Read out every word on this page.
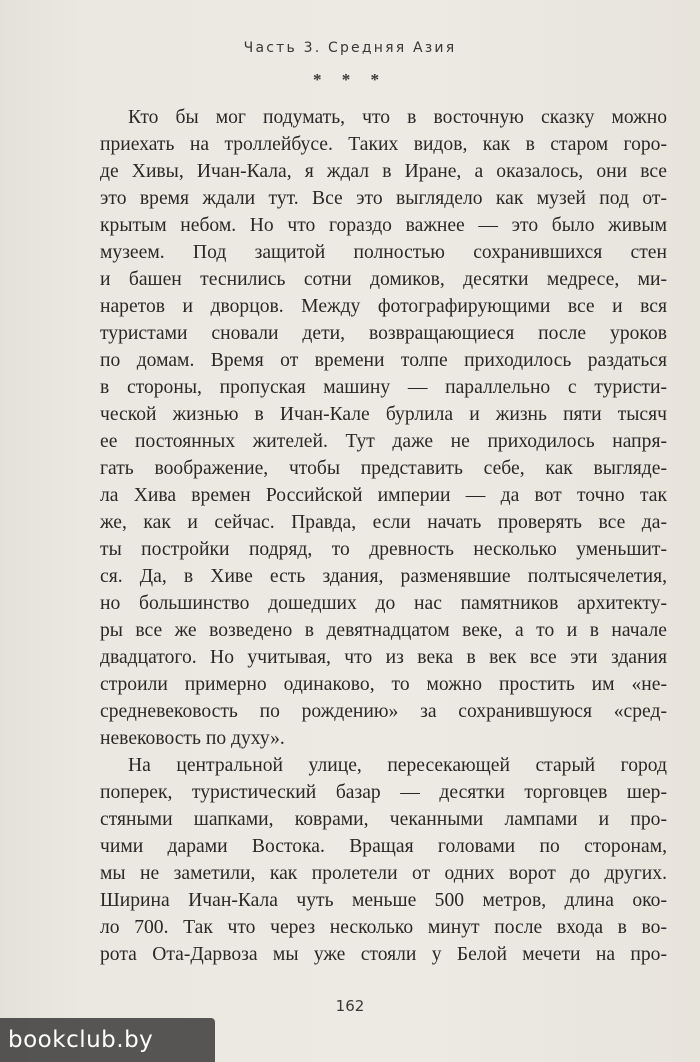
Часть 3. Средняя Азия
* * *

Кто бы мог подумать, что в восточную сказку можно
приехать на троллейбусе. Таких видов, как в старом горо-
де Хивы, Ичан-Кала, я ждал в Иране, а оказалось, они все
это время ждали тут. Все это выглядело как музей под от-
крытым небом. Но что гораздо важнее — это было живым
музеем. Под защитой полностью сохранившихся стен
и башен теснились сотни домиков, десятки медресе, ми-
наретов и дворцов. Между фотографирующими все и вся
туристами сновали дети, возвращающиеся после уроков
по домам. Время от времени толпе приходилось раздаться
в стороны, пропуская машину — параллельно с туристи-
ческой жизнью в Ичан-Кале бурлила и жизнь пяти тысяч
ее постоянных жителей. Тут даже не приходилось напря-
гать воображение, чтобы представить себе, как выгляде-
ла Хива времен Российской империи — да вот точно так
же, как и сейчас. Правда, если начать проверять все да-
ты постройки подряд, то древность несколько уменьшит-
ся. Да, в Хиве есть здания, разменявшие полтысячелетия,
но большинство дошедших до нас памятников архитекту-
ры все же возведено в девятнадцатом веке, а то и в начале
двадцатого. Но учитывая, что из века в век все эти здания
строили примерно одинаково, то можно простить им «не-
средневековость по рождению» за сохранившуюся «сред-
невековость по духу».

На центральной улице, пересекающей старый город
поперек, туристический базар — десятки торговцев шер-
стяными шапками, коврами, чеканными лампами и про-
чими дарами Востока. Вращая головами по сторонам,
мы не заметили, как пролетели от одних ворот до других.
Ширина Ичан-Кала чуть меньше 500 метров, длина око-
ло 700. Так что через несколько минут после входа в во-
рота Ота-Дарвоза мы уже стояли у Белой мечети на про-

162
bookclub.by
